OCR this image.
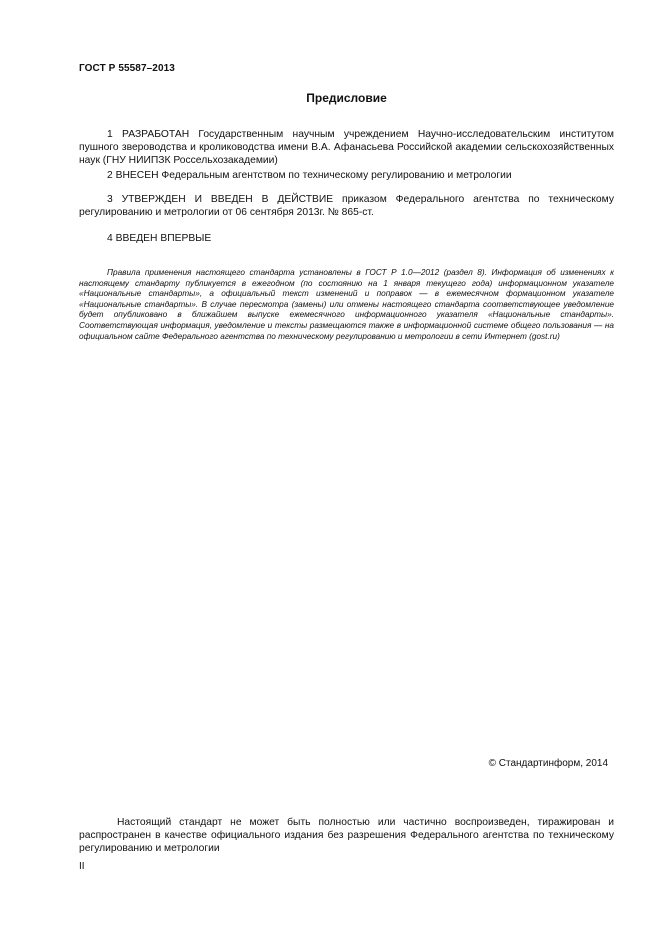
ГОСТ Р 55587–2013
Предисловие
1 РАЗРАБОТАН Государственным научным учреждением Научно-исследовательским институтом пушного звероводства и кролиководства имени В.А. Афанасьева Российской академии сельскохозяйственных наук (ГНУ НИИПЗК Россельхозакадемии)
2 ВНЕСЕН Федеральным агентством по техническому регулированию и метрологии
3 УТВЕРЖДЕН И ВВЕДЕН В ДЕЙСТВИЕ приказом Федерального агентства по техническому регулированию и метрологии от 06 сентября 2013г. № 865-ст.
4 ВВЕДЕН ВПЕРВЫЕ
Правила применения настоящего стандарта установлены в ГОСТ Р 1.0—2012 (раздел 8). Информация об изменениях к настоящему стандарту публикуется в ежегодном (по состоянию на 1 января текущего года) информационном указателе «Национальные стандарты», а официальный текст изменений и поправок — в ежемесячном формационном указателе «Национальные стандарты». В случае пересмотра (замены) или отмены настоящего стандарта соответствующее уведомление будет опубликовано в ближайшем выпуске ежемесячного информационного указателя «Национальные стандарты». Соответствующая информация, уведомление и тексты размещаются также в информационной системе общего пользования — на официальном сайте Федерального агентства по техническому регулированию и метрологии в сети Интернет (gost.ru)
© Стандартинформ, 2014
Настоящий стандарт не может быть полностью или частично воспроизведен, тиражирован и распространен в качестве официального издания без разрешения Федерального агентства по техническому регулированию и метрологии
II
